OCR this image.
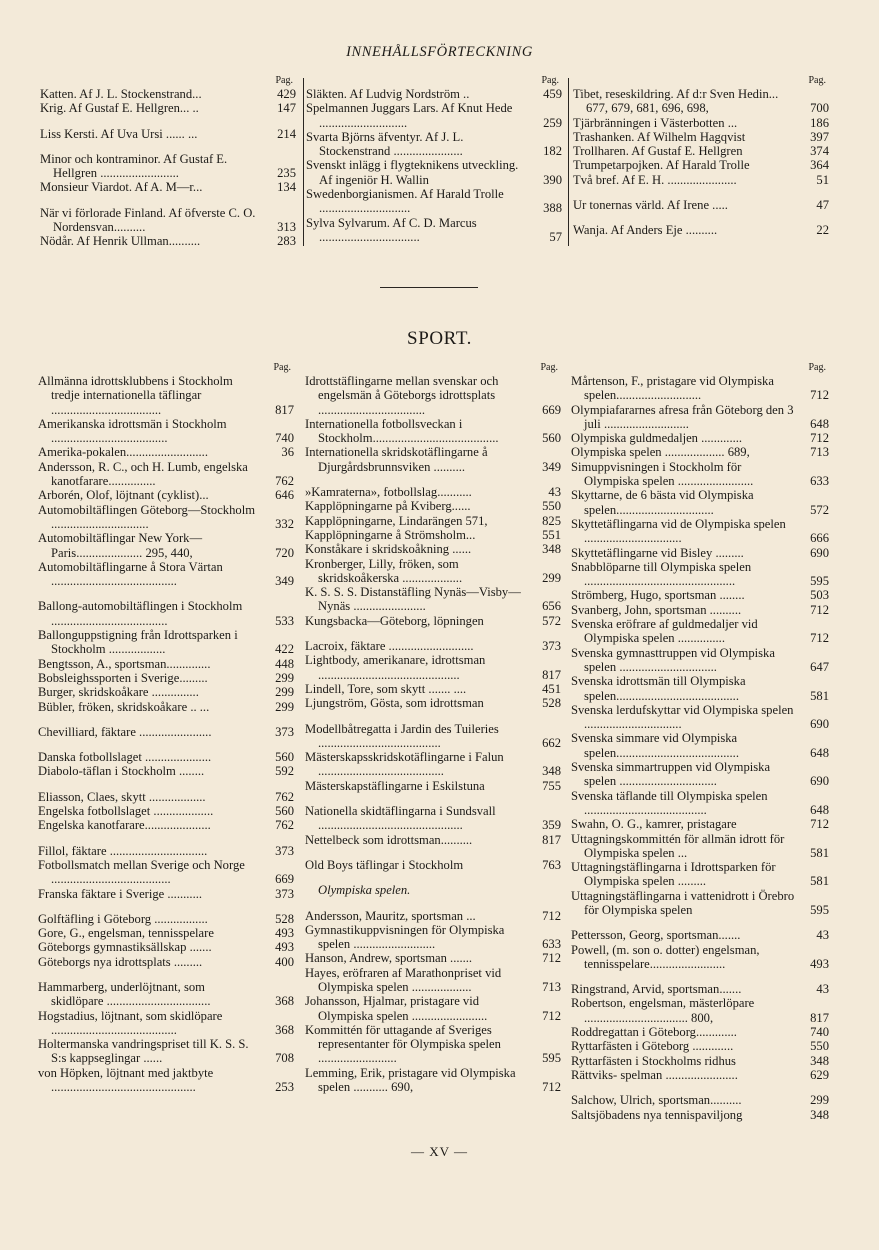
INNEHÅLLSFÖRTECKNING
Pag.
Katten. Af J. L. Stockenstrand...	429
Krig. Af Gustaf E. Hellgren... ..	147
Liss Kersti. Af Uva Ursi ...... ...	214
Minor och kontraminor. Af Gustaf E. Hellgren .........................	235
Monsieur Viardot. Af A. M—r...	134
När vi förlorade Finland. Af öfverste C. O. Nordensvan..........	313
Nödår. Af Henrik Ullman..........	283
Pag.
Släkten. Af Ludvig Nordström ..	459
Spelmannen Juggars Lars. Af Knut Hede ............................	259
Svarta Björns äfventyr. Af J. L. Stockenstrand ......................	182
Svenskt inlägg i flygteknikens utveckling. Af ingeniör H. Wallin	390
Swedenborgianismen. Af Harald Trolle .............................	388
Sylva Sylvarum. Af C. D. Marcus ................................	57
Pag.
Tibet, reseskildring. Af d:r Sven Hedin... 677, 679, 681, 696, 698,	700
Tjärbränningen i Västerbotten ...	186
Trashanken. Af Wilhelm Hagqvist	397
Trollharen. Af Gustaf E. Hellgren	374
Trumpetarpojken. Af Harald Trolle	364
Två bref. Af E. H. ......................	51
Ur tonernas värld. Af Irene .....	47
Wanja. Af Anders Eje ..........	22
SPORT.
Pag.
Allmänna idrottsklubbens i Stockholm tredje internationella täflingar ...................................	817
Amerikanska idrottsmän i Stockholm .....................................	740
Amerika-pokalen..........................	36
Andersson, R. C., och H. Lumb, engelska kanotfarare...............	762
Arborén, Olof, löjtnant (cyklist)...	646
Automobiltäflingen Göteborg—Stockholm ...............................	332
Automobiltäflingar New York—Paris..................... 295, 440,	720
Automobiltäflingarne å Stora Värtan ........................................	349
Ballong-automobiltäflingen i Stockholm .....................................	533
Ballonguppstigning från Idrottsparken i Stockholm ..................	422
Bengtsson, A., sportsman..............	448
Bobsleighssporten i Sverige.........	299
Burger, skridskoåkare ...............	299
Bübler, fröken, skridskoåkare .. ...	299
Chevilliard, fäktare .......................	373
Danska fotbollslaget .....................	560
Diabolo-täflan i Stockholm ........	592
Eliasson, Claes, skytt ..................	762
Engelska fotbollslaget ...................	560
Engelska kanotfarare.....................	762
Fillol, fäktare ...............................	373
Fotbollsmatch mellan Sverige och Norge ......................................	669
Franska fäktare i Sverige ...........	373
Golftäfling i Göteborg .................	528
Gore, G., engelsman, tennisspelare	493
Göteborgs gymnastiksällskap .......	493
Göteborgs nya idrottsplats .........	400
Hammarberg, underlöjtnant, som skidlöpare .................................	368
Hogstadius, löjtnant, som skidlöpare ........................................	368
Holtermanska vandringspriset till K. S. S. S:s kappseglingar ......	708
von Höpken, löjtnant med jaktbyte ..............................................	253
Pag.
Idrottstäflingarne mellan svenskar och engelsmän å Göteborgs idrottsplats ..................................	669
Internationella fotbollsveckan i Stockholm........................................	560
Internationella skridskotäflingarne å Djurgårdsbrunnsviken ..........	349
»Kamraterna», fotbollslag...........	43
Kapplöpningarne på Kviberg......	550
Kapplöpningarne, Lindarängen 571,	825
Kapplöpningarne å Strömsholm...	551
Konståkare i skridskoåkning ......	348
Kronberger, Lilly, fröken, som skridskoåkerska ...................	299
K. S. S. S. Distanstäfling Nynäs—Visby—Nynäs .......................	656
Kungsbacka—Göteborg, löpningen	572
Lacroix, fäktare ...........................	373
Lightbody, amerikanare, idrottsman .............................................	817
Lindell, Tore, som skytt ....... ....	451
Ljungström, Gösta, som idrottsman	528
Modellbåtregatta i Jardin des Tuileries .......................................	662
Mästerskapsskridskotäflingarne i Falun ........................................	348
Mästerskapstäflingarne i Eskilstuna	755
Nationella skidtäflingarna i Sundsvall ..............................................	359
Nettelbeck som idrottsman..........	817
Old Boys täflingar i Stockholm	763
Olympiska spelen.
Andersson, Mauritz, sportsman ...	712
Gymnastikuppvisningen för Olympiska spelen ..........................	633
Hanson, Andrew, sportsman .......	712
Hayes, eröfraren af Marathonpriset vid Olympiska spelen ...................	713
Johansson, Hjalmar, pristagare vid Olympiska spelen ........................	712
Kommittén för uttagande af Sveriges representanter för Olympiska spelen .........................	595
Lemming, Erik, pristagare vid Olympiska spelen ........... 690,	712
Pag.
Mårtenson, F., pristagare vid Olympiska spelen...........................	712
Olympiafararnes afresa från Göteborg den 3 juli ...........................	648
Olympiska guldmedaljen .............	712
Olympiska spelen ................... 689,	713
Simuppvisningen i Stockholm för Olympiska spelen ........................	633
Skyttarne, de 6 bästa vid Olympiska spelen...............................	572
Skyttetäflingarna vid de Olympiska spelen ...............................	666
Skyttetäflingarne vid Bisley .........	690
Snabblöparne till Olympiska spelen ................................................	595
Strömberg, Hugo, sportsman ........	503
Svanberg, John, sportsman ..........	712
Svenska eröfrare af guldmedaljer vid Olympiska spelen ...............	712
Svenska gymnasttruppen vid Olympiska spelen ...............................	647
Svenska idrottsmän till Olympiska spelen.......................................	581
Svenska lerdufskyttar vid Olympiska spelen ...............................	690
Svenska simmare vid Olympiska spelen.......................................	648
Svenska simmartruppen vid Olympiska spelen ...............................	690
Svenska täflande till Olympiska spelen .......................................	648
Swahn, O. G., kamrer, pristagare	712
Uttagningskommittén för allmän idrott för Olympiska spelen ...	581
Uttagningstäflingarna i Idrottsparken för Olympiska spelen .........	581
Uttagningstäflingarna i vattenidrott i Örebro för Olympiska spelen	595
Pettersson, Georg, sportsman.......	43
Powell, (m. son o. dotter) engelsman, tennisspelare........................	493
Ringstrand, Arvid, sportsman.......	43
Robertson, engelsman, mästerlöpare ................................. 800,	817
Roddregattan i Göteborg.............	740
Ryttarfästen i Göteborg .............	550
Ryttarfästen i Stockholms ridhus	348
Rättviks- spelman .......................	629
Salchow, Ulrich, sportsman..........	299
Saltsjöbadens nya tennispaviljong	348
— XV —
